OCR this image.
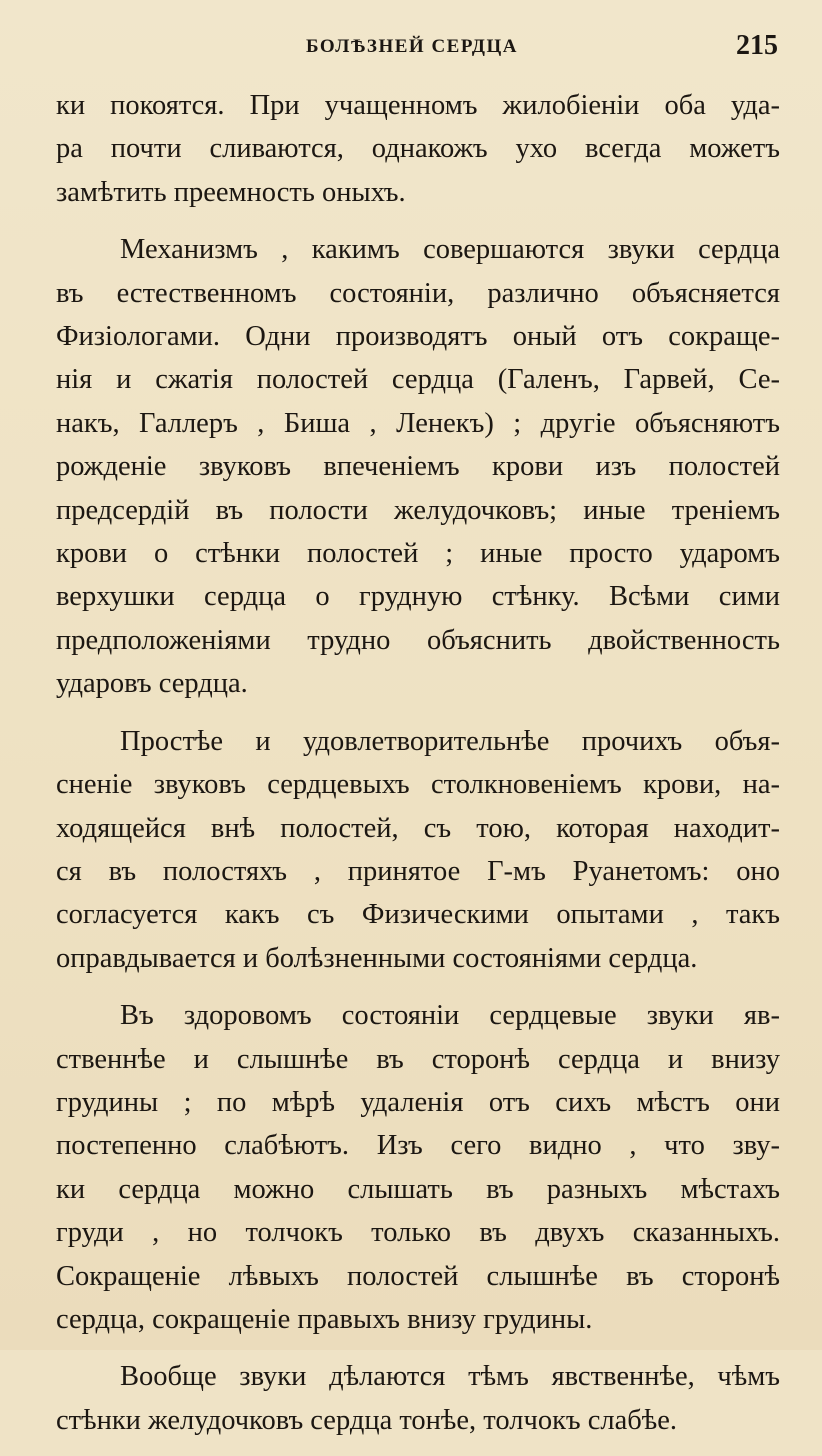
БОЛѢЗНЕЙ СЕРДЦА	215
ки покоятся. При учащенномъ жилобіеніи оба уда-
ра почти сливаются, однакожъ ухо всегда можетъ
замѣтить преемность оныхъ.
Механизмъ , какимъ совершаются звуки сердца
въ естественномъ состояніи, различно объясняется
Физіологами. Одни производятъ оный отъ сокраще-
нія и сжатія полостей сердца (Галенъ, Гарвей, Се-
накъ, Галлеръ , Биша , Ленекъ) ; другіе объясняютъ
рожденіе звуковъ впеченіемъ крови изъ полостей
предсердій въ полости желудочковъ; иные треніемъ
крови о стѣнки полостей ; иные просто ударомъ
верхушки сердца о грудную стѣнку. Всѣми сими
предположеніями трудно объяснить двойственность
ударовъ сердца.
Простѣе и удовлетворительнѣе прочихъ объя-
сненіе звуковъ сердцевыхъ столкновеніемъ крови, на-
ходящейся внѣ полостей, съ тою, которая находит-
ся въ полостяхъ , принятое Г-мъ Руанетомъ: оно
согласуется какъ съ Физическими опытами , такъ
оправдывается и болѣзненными состояніями сердца.
Въ здоровомъ состояніи сердцевые звуки яв-
ственнѣе и слышнѣе въ сторонѣ сердца и внизу
грудины ; по мѣрѣ удаленія отъ сихъ мѣстъ они
постепенно слабѣютъ. Изъ сего видно , что зву-
ки сердца можно слышать въ разныхъ мѣстахъ
груди , но толчокъ только въ двухъ сказанныхъ.
Сокращеніе лѣвыхъ полостей слышнѣе въ сторонѣ
сердца, сокращеніе правыхъ внизу грудины.
Вообще звуки дѣлаются тѣмъ явственнѣе, чѣмъ
стѣнки желудочковъ сердца тонѣе, толчокъ слабѣе.
